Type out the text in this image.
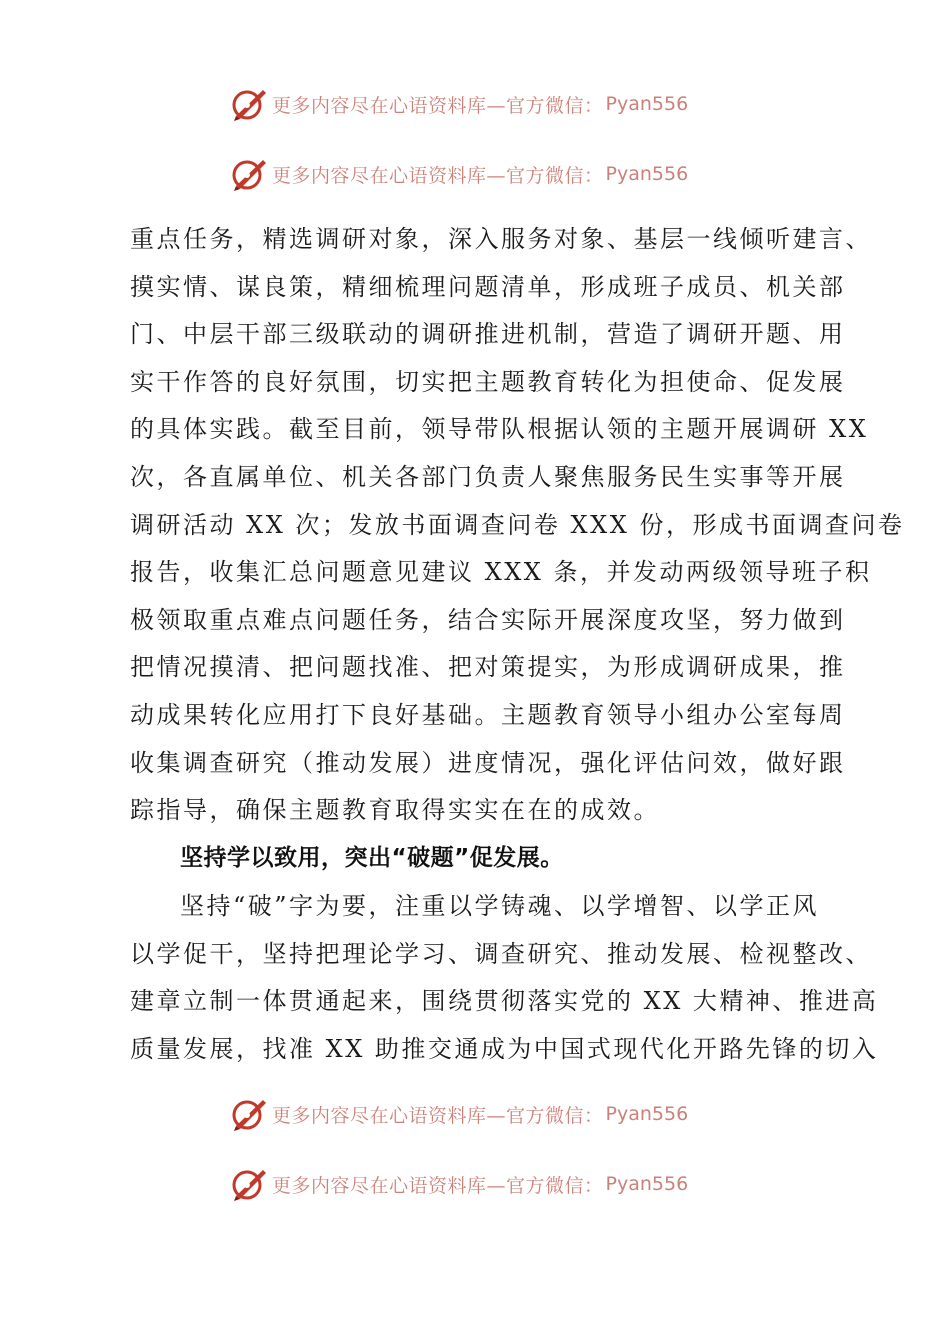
更多内容尽在心语资料库—官方微信： Pyan556
更多内容尽在心语资料库—官方微信： Pyan556
重点任务，精选调研对象，深入服务对象、基层一线倾听建言、
摸实情、谋良策，精细梳理问题清单，形成班子成员、机关部
门、中层干部三级联动的调研推进机制，营造了调研开题、用
实干作答的良好氛围，切实把主题教育转化为担使命、促发展
的具体实践。截至目前，领导带队根据认领的主题开展调研 XX
次，各直属单位、机关各部门负责人聚焦服务民生实事等开展
调研活动 XX 次；发放书面调查问卷 XXX 份，形成书面调查问卷
报告，收集汇总问题意见建议 XXX 条，并发动两级领导班子积
极领取重点难点问题任务，结合实际开展深度攻坚，努力做到
把情况摸清、把问题找准、把对策提实，为形成调研成果，推
动成果转化应用打下良好基础。主题教育领导小组办公室每周
收集调查研究（推动发展）进度情况，强化评估问效，做好跟
踪指导，确保主题教育取得实实在在的成效。
坚持学以致用，突出“破题”促发展。
坚持“破”字为要，注重以学铸魂、以学增智、以学正风
以学促干，坚持把理论学习、调查研究、推动发展、检视整改、
建章立制一体贯通起来，围绕贯彻落实党的 XX 大精神、推进高
质量发展，找准 XX 助推交通成为中国式现代化开路先锋的切入
更多内容尽在心语资料库—官方微信： Pyan556
更多内容尽在心语资料库—官方微信： Pyan556
